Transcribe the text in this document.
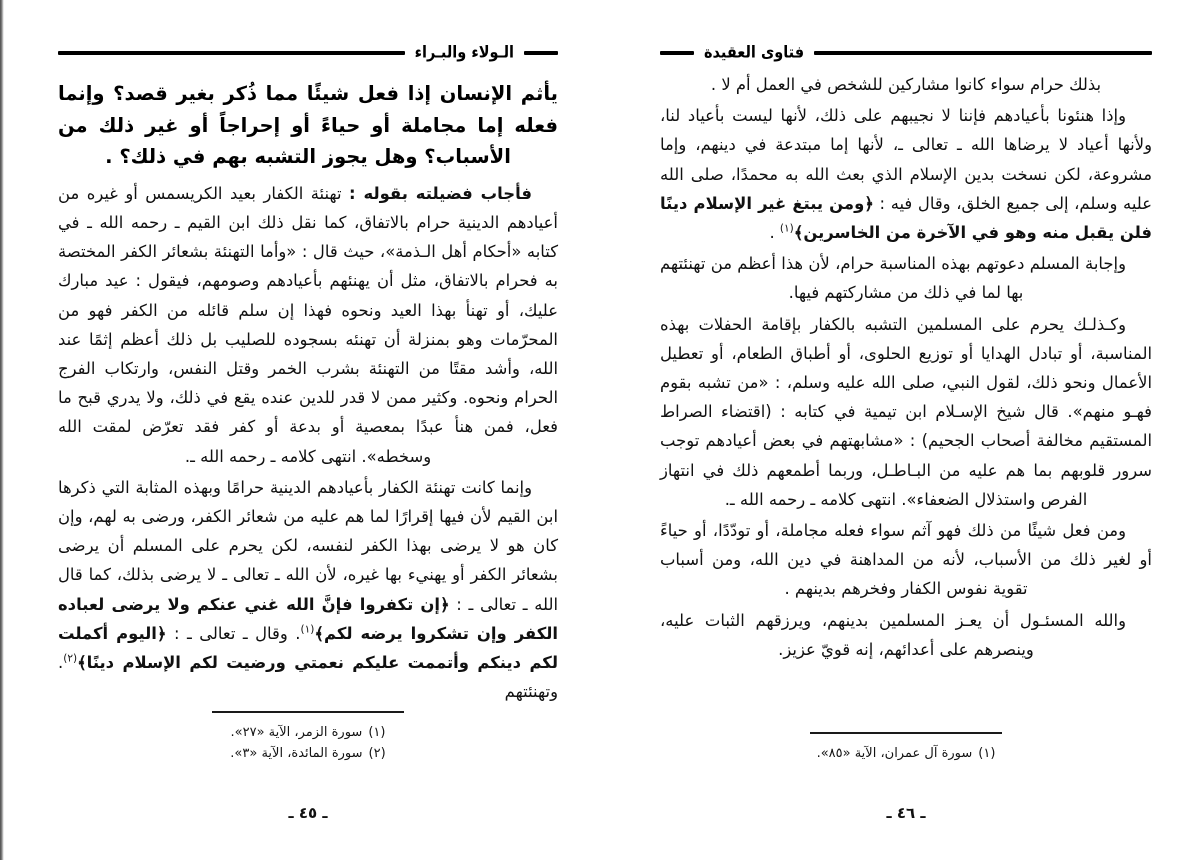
الـولاء والبـراء
يأثم الإنسان إذا فعل شيئًا مما ذُكر بغير قصد؟ وإنما فعله إما مجاملة أو حياءً أو إحراجاً أو غير ذلك من الأسباب؟ وهل يجوز التشبه بهم في ذلك؟ .

فأجاب فضيلته بقوله : تهنئة الكفار بعيد الكريسمس أو غيره من أعيادهم الدينية حرام بالاتفاق، كما نقل ذلك ابن القيم ـ رحمه الله ـ في كتابه «أحكام أهل الـذمة»، حيث قال : «وأما التهنئة بشعائر الكفر المختصة به فحرام بالاتفاق، مثل أن يهنئهم بأعيادهم وصومهم، فيقول : عيد مبارك عليك، أو تهنأ بهذا العيد ونحوه فهذا إن سلم قائله من الكفر فهو من المحرّمات وهو بمنزلة أن تهنئه بسجوده للصليب بل ذلك أعظم إثمًا عند الله، وأشد مقتًا من التهنئة بشرب الخمر وقتل النفس، وارتكاب الفرج الحرام ونحوه. وكثير ممن لا قدر للدين عنده يقع في ذلك، ولا يدري قبح ما فعل، فمن هنأ عبدًا بمعصية أو بدعة أو كفر فقد تعرّض لمقت الله وسخطه». انتهى كلامه ـ رحمه الله ـ.

وإنما كانت تهنئة الكفار بأعيادهم الدينية حرامًا وبهذه المثابة التي ذكرها ابن القيم لأن فيها إقرارًا لما هم عليه من شعائر الكفر، ورضى به لهم، وإن كان هو لا يرضى بهذا الكفر لنفسه، لكن يحرم على المسلم أن يرضى بشعائر الكفر أو يهنيء بها غيره، لأن الله ـ تعالى ـ لا يرضى بذلك، كما قال الله ـ تعالى ـ : ﴿إن تكفروا فإنَّ الله غني عنكم ولا يرضى لعباده الكفر وإن تشكروا يرضه لكم﴾$^{(١)}$. وقال ـ تعالى ـ : ﴿اليوم أكملت لكم دينكم وأتممت عليكم نعمتي ورضيت لكم الإسلام دينًا﴾$^{(٢)}$. وتهنئتهم

(١)سورة الزمر، الآية «٢٧».
(٢)سورة المائدة، الآية «٣».
ـ ٤٥ ـ
فتاوى العقيدة

بذلك حرام سواء كانوا مشاركين للشخص في العمل أم لا .

وإذا هنئونا بأعيادهم فإننا لا نجيبهم على ذلك، لأنها ليست بأعياد لنا، ولأنها أعياد لا يرضاها الله ـ تعالى ـ، لأنها إما مبتدعة في دينهم، وإما مشروعة، لكن نسخت بدين الإسلام الذي بعث الله به محمدًا، صلى الله عليه وسلم، إلى جميع الخلق، وقال فيه : ﴿ومن يبتغ غير الإسلام دينًا فلن يقبل منه وهو في الآخرة من الخاسرين﴾$^{(١)}$ .

وإجابة المسلم دعوتهم بهذه المناسبة حرام، لأن هذا أعظم من تهنئتهم بها لما في ذلك من مشاركتهم فيها.

وكـذلـك يحرم على المسلمين التشبه بالكفار بإقامة الحفلات بهذه المناسبة، أو تبادل الهدايا أو توزيع الحلوى، أو أطباق الطعام، أو تعطيل الأعمال ونحو ذلك، لقول النبي، صلى الله عليه وسلم، : «من تشبه بقوم فهـو منهم». قال شيخ الإسـلام ابن تيمية في كتابه : (اقتضاء الصراط المستقيم مخالفة أصحاب الجحيم) : «مشابهتهم في بعض أعيادهم توجب سرور قلوبهم بما هم عليه من البـاطـل، وربما أطمعهم ذلك في انتهاز الفرص واستذلال الضعفاء». انتهى كلامه ـ رحمه الله ـ.

ومن فعل شيئًا من ذلك فهو آثم سواء فعله مجاملة، أو تودّدًا، أو حياءً أو لغير ذلك من الأسباب، لأنه من المداهنة في دين الله، ومن أسباب تقوية نفوس الكفار وفخرهم بدينهم .

والله المسئـول أن يعـز المسلمين بدينهم، ويرزقهم الثبات عليه، وينصرهم على أعدائهم، إنه قويّ عزيز.

(١)سورة آل عمران، الآية «٨٥».
ـ ٤٦ ـ
